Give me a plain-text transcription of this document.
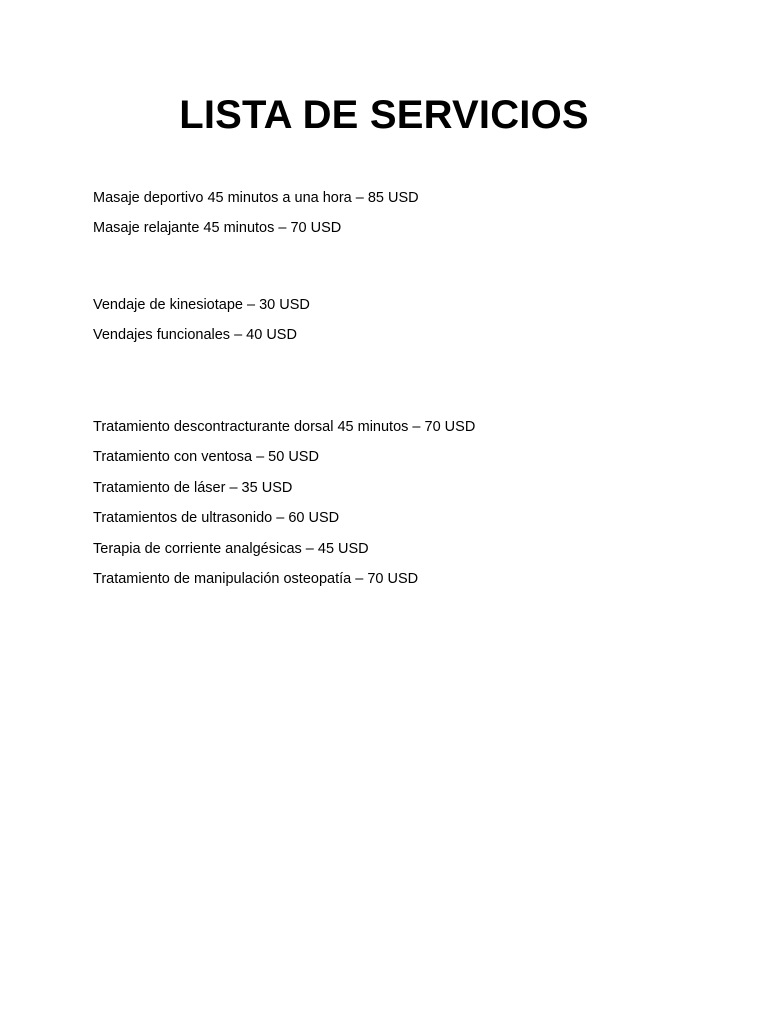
LISTA DE SERVICIOS
Masaje deportivo 45 minutos a una hora – 85 USD
Masaje relajante 45 minutos – 70 USD
Vendaje de kinesiotape – 30 USD
Vendajes funcionales – 40 USD
Tratamiento descontracturante dorsal 45 minutos – 70 USD
Tratamiento con ventosa – 50 USD
Tratamiento de láser – 35 USD
Tratamientos de ultrasonido – 60 USD
Terapia de corriente analgésicas – 45 USD
Tratamiento de manipulación osteopatía – 70 USD
